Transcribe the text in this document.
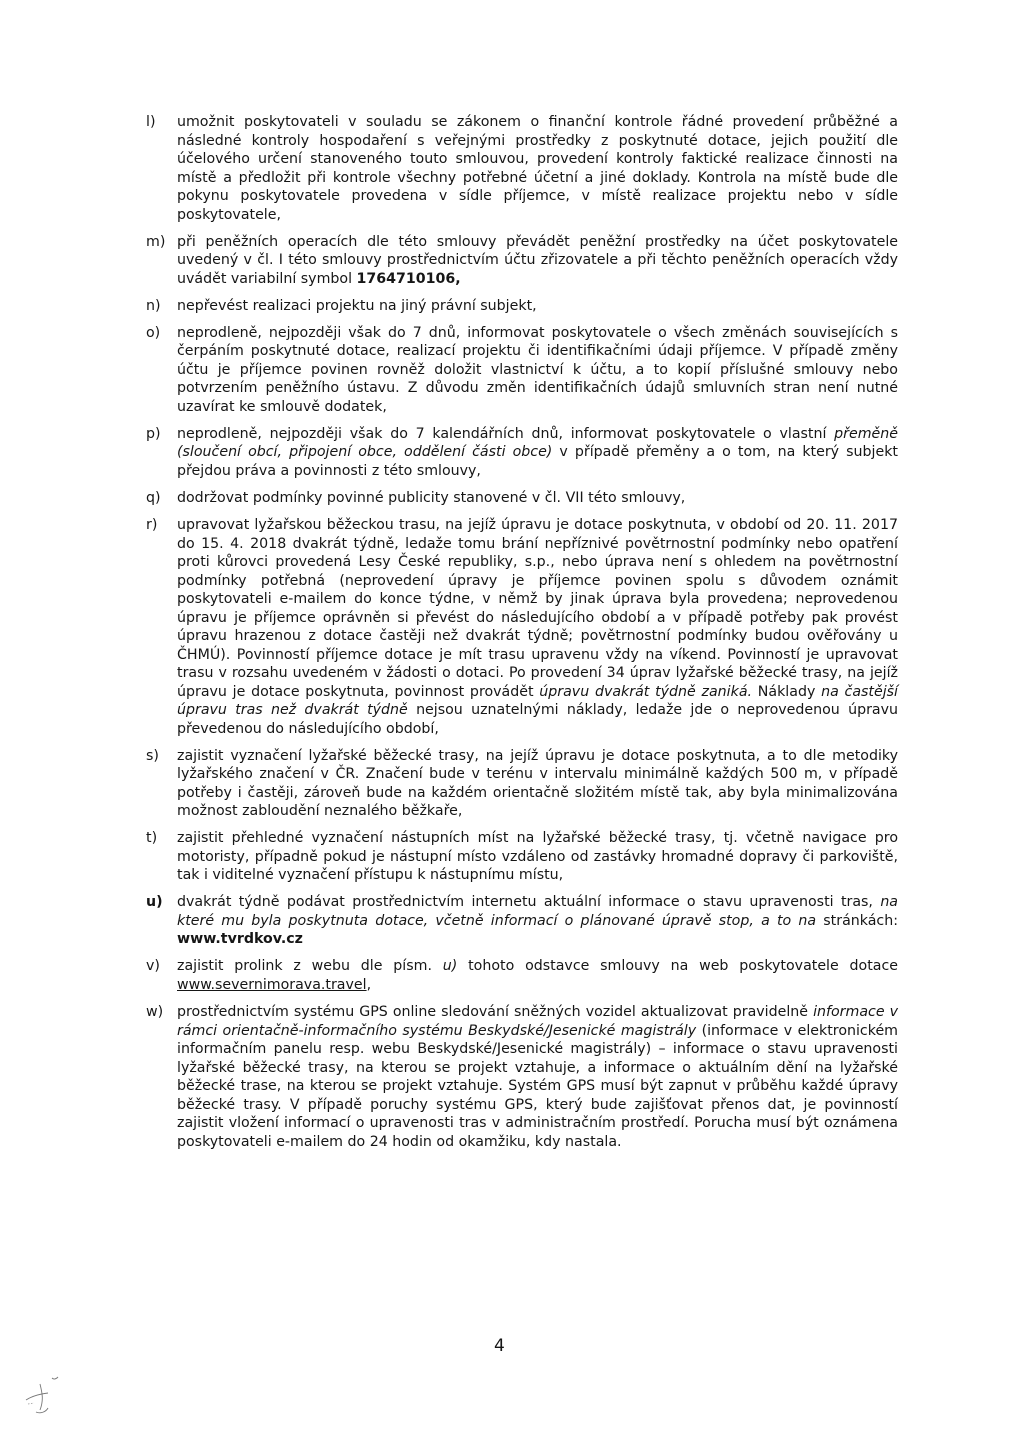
l)	umožnit poskytovateli v souladu se zákonem o finanční kontrole řádné provedení průběžné a následné kontroly hospodaření s veřejnými prostředky z poskytnuté dotace, jejich použití dle účelového určení stanoveného touto smlouvou, provedení kontroly faktické realizace činnosti na místě a předložit při kontrole všechny potřebné účetní a jiné doklady. Kontrola na místě bude dle pokynu poskytovatele provedena v sídle příjemce, v místě realizace projektu nebo v sídle poskytovatele,
m) při peněžních operacích dle této smlouvy převádět peněžní prostředky na účet poskytovatele uvedený v čl. I této smlouvy prostřednictvím účtu zřizovatele a při těchto peněžních operacích vždy uvádět variabilní symbol 1764710106,
n)	nepřevést realizaci projektu na jiný právní subjekt,
o)	neprodleně, nejpozději však do 7 dnů, informovat poskytovatele o všech změnách souvisejících s čerpáním poskytnuté dotace, realizací projektu či identifikačními údaji příjemce. V případě změny účtu je příjemce povinen rovněž doložit vlastnictví k účtu, a to kopií příslušné smlouvy nebo potvrzením peněžního ústavu. Z důvodu změn identifikačních údajů smluvních stran není nutné uzavírat ke smlouvě dodatek,
p)	neprodleně, nejpozději však do 7 kalendářních dnů, informovat poskytovatele o vlastní přeměně (sloučení obcí, připojení obce, oddělení části obce) v případě přeměny a o tom, na který subjekt přejdou práva a povinnosti z této smlouvy,
q)	dodržovat podmínky povinné publicity stanovené v čl. VII této smlouvy,
r)	upravovat lyžařskou běžeckou trasu, na jejíž úpravu je dotace poskytnuta, v období od 20. 11. 2017 do 15. 4. 2018 dvakrát týdně, ledaže tomu brání nepříznivé povětrnostní podmínky nebo opatření proti kůrovci provedená Lesy České republiky, s.p., nebo úprava není s ohledem na povětrnostní podmínky potřebná (neprovedení úpravy je příjemce povinen spolu s důvodem oznámit poskytovateli e-mailem do konce týdne, v němž by jinak úprava byla provedena; neprovedenou úpravu je příjemce oprávněn si převést do následujícího období a v případě potřeby pak provést úpravu hrazenou z dotace častěji než dvakrát týdně; povětrnostní podmínky budou ověřovány u ČHMÚ). Povinností příjemce dotace je mít trasu upravenu vždy na víkend. Povinností je upravovat trasu v rozsahu uvedeném v žádosti o dotaci. Po provedení 34 úprav lyžařské běžecké trasy, na jejíž úpravu je dotace poskytnuta, povinnost provádět úpravu dvakrát týdně zaniká. Náklady na častější úpravu tras než dvakrát týdně nejsou uznatelnými náklady, ledaže jde o neprovedenou úpravu převedenou do následujícího období,
s)	zajistit vyznačení lyžařské běžecké trasy, na jejíž úpravu je dotace poskytnuta, a to dle metodiky lyžařského značení v ČR. Značení bude v terénu v intervalu minimálně každých 500 m, v případě potřeby i častěji, zároveň bude na každém orientačně složitém místě tak, aby byla minimalizována možnost zabloudění neznalého běžkaře,
t)	zajistit přehledné vyznačení nástupních míst na lyžařské běžecké trasy, tj. včetně navigace pro motoristy, případně pokud je nástupní místo vzdáleno od zastávky hromadné dopravy či parkoviště, tak i viditelné vyznačení přístupu k nástupnímu místu,
u)	dvakrát týdně podávat prostřednictvím internetu aktuální informace o stavu upravenosti tras, na které mu byla poskytnuta dotace, včetně informací o plánované úpravě stop, a to na stránkách: www.tvrdkov.cz
v)	zajistit prolink z webu dle písm. u) tohoto odstavce smlouvy na web poskytovatele dotace www.severnimorava.travel,
w) prostřednictvím systému GPS online sledování sněžných vozidel aktualizovat pravidelně informace v rámci orientačně-informačního systému Beskydské/Jesenické magistrály (informace v elektronickém informačním panelu resp. webu Beskydské/Jesenické magistrály) – informace o stavu upravenosti lyžařské běžecké trasy, na kterou se projekt vztahuje, a informace o aktuálním dění na lyžařské běžecké trase, na kterou se projekt vztahuje. Systém GPS musí být zapnut v průběhu každé úpravy běžecké trasy. V případě poruchy systému GPS, který bude zajišťovat přenos dat, je povinností zajistit vložení informací o upravenosti tras v administračním prostředí. Porucha musí být oznámena poskytovateli e-mailem do 24 hodin od okamžiku, kdy nastala.
4
